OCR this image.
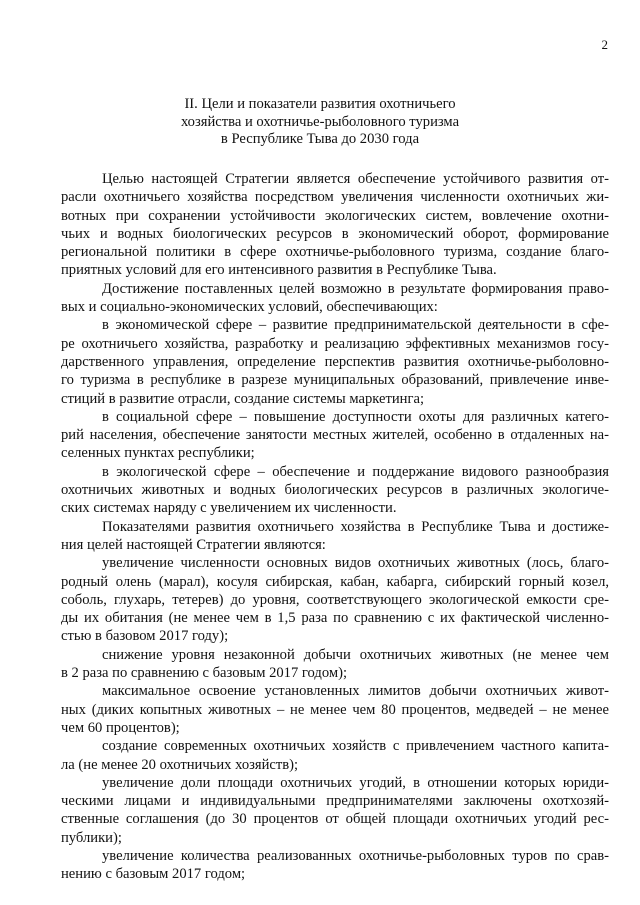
2
II. Цели и показатели развития охотничьего
хозяйства и охотничье-рыболовного туризма
в Республике Тыва до 2030 года
Целью настоящей Стратегии является обеспечение устойчивого развития от-
расли охотничьего хозяйства посредством увеличения численности охотничьих жи-
вотных при сохранении устойчивости экологических систем, вовлечение охотни-
чьих и водных биологических ресурсов в экономический оборот, формирование
региональной политики в сфере охотничье-рыболовного туризма, создание благо-
приятных условий для его интенсивного развития в Республике Тыва.
Достижение поставленных целей возможно в результате формирования право-
вых и социально-экономических условий, обеспечивающих:
в экономической сфере – развитие предпринимательской деятельности в сфе-
ре охотничьего хозяйства, разработку и реализацию эффективных механизмов госу-
дарственного управления, определение перспектив развития охотничье-рыболовно-
го туризма в республике в разрезе муниципальных образований, привлечение инве-
стиций в развитие отрасли, создание системы маркетинга;
в социальной сфере – повышение доступности охоты для различных катего-
рий населения, обеспечение занятости местных жителей, особенно в отдаленных на-
селенных пунктах республики;
в экологической сфере – обеспечение и поддержание видового разнообразия
охотничьих животных и водных биологических ресурсов в различных экологиче-
ских системах наряду с увеличением их численности.
Показателями развития охотничьего хозяйства в Республике Тыва и достиже-
ния целей настоящей Стратегии являются:
увеличение численности основных видов охотничьих животных (лось, благо-
родный олень (марал), косуля сибирская, кабан, кабарга, сибирский горный козел,
соболь, глухарь, тетерев) до уровня, соответствующего экологической емкости сре-
ды их обитания (не менее чем в 1,5 раза по сравнению с их фактической численно-
стью в базовом 2017 году);
снижение уровня незаконной добычи охотничьих животных (не менее чем
в 2 раза по сравнению с базовым 2017 годом);
максимальное освоение установленных лимитов добычи охотничьих живот-
ных (диких копытных животных – не менее чем 80 процентов, медведей – не менее
чем 60 процентов);
создание современных охотничьих хозяйств с привлечением частного капита-
ла (не менее 20 охотничьих хозяйств);
увеличение доли площади охотничьих угодий, в отношении которых юриди-
ческими лицами и индивидуальными предпринимателями заключены охотхозяй-
ственные соглашения (до 30 процентов от общей площади охотничьих угодий рес-
публики);
увеличение количества реализованных охотничье-рыболовных туров по срав-
нению с базовым 2017 годом;
